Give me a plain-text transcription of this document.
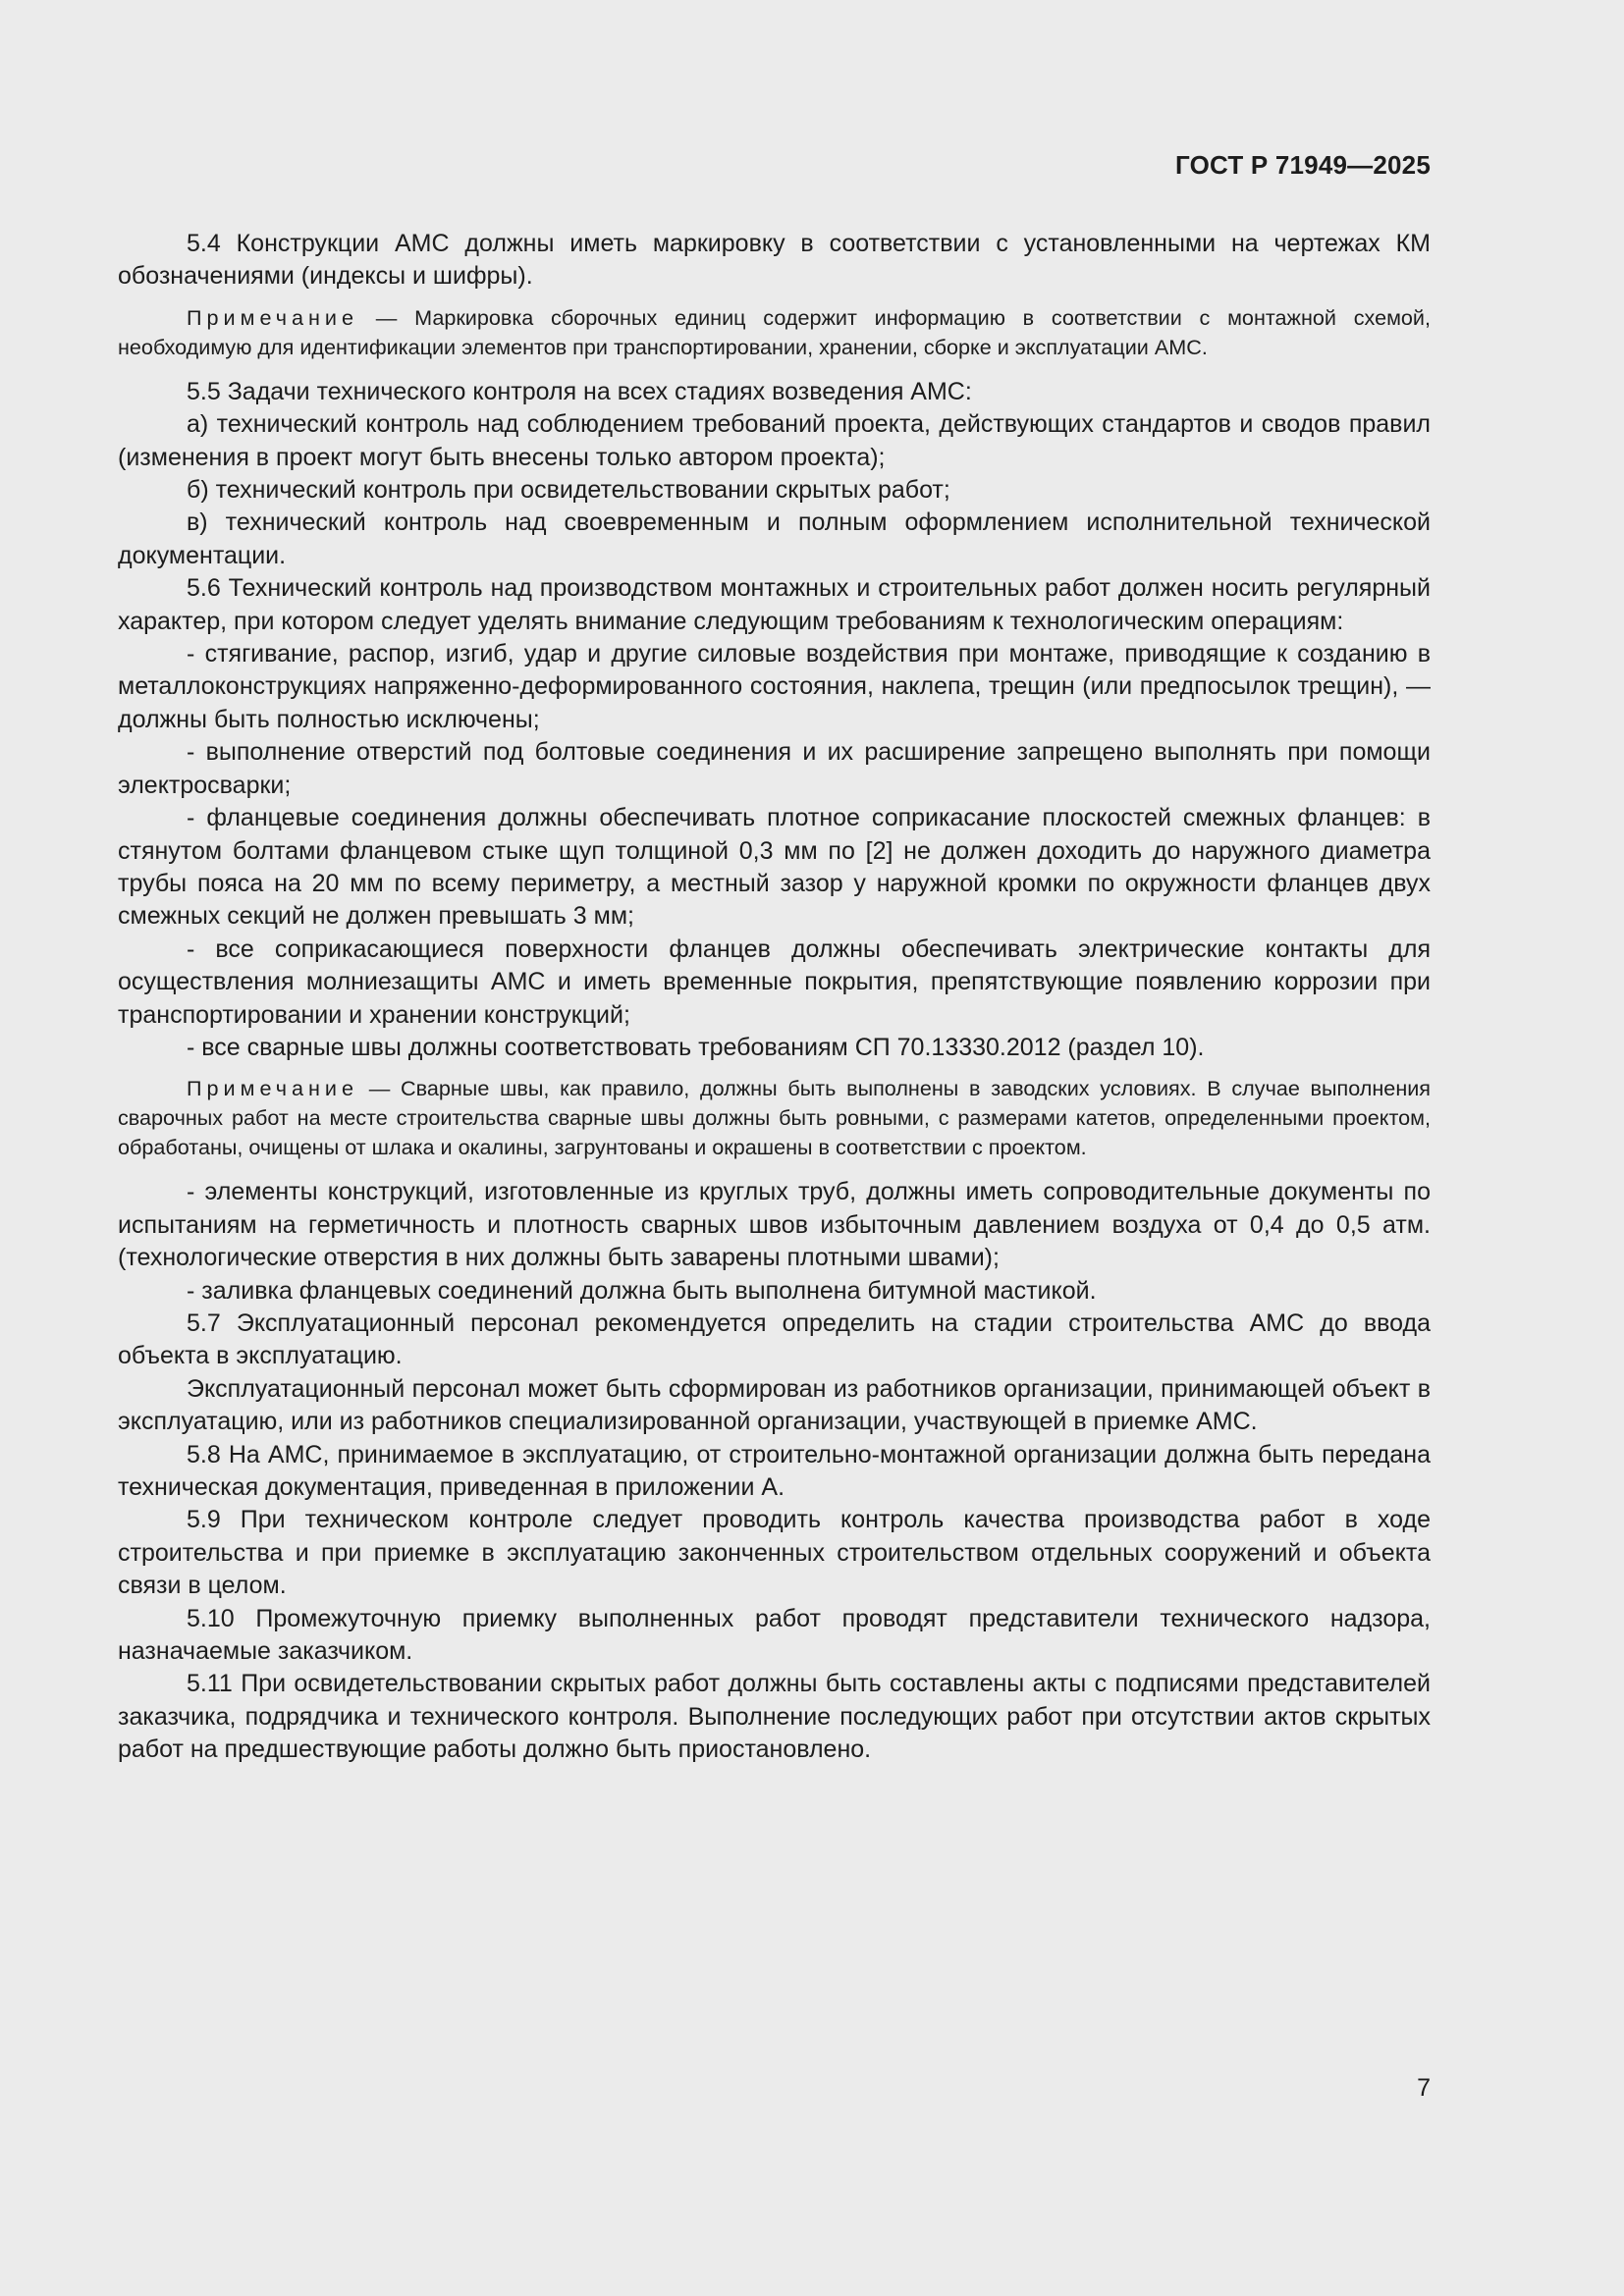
ГОСТ Р 71949—2025

5.4 Конструкции АМС должны иметь маркировку в соответствии с установленными на чертежах КМ обозначениями (индексы и шифры).

Примечание — Маркировка сборочных единиц содержит информацию в соответствии с монтажной схемой, необходимую для идентификации элементов при транспортировании, хранении, сборке и эксплуатации АМС.

5.5 Задачи технического контроля на всех стадиях возведения АМС:

а) технический контроль над соблюдением требований проекта, действующих стандартов и сводов правил (изменения в проект могут быть внесены только автором проекта);

б) технический контроль при освидетельствовании скрытых работ;

в) технический контроль над своевременным и полным оформлением исполнительной технической документации.

5.6 Технический контроль над производством монтажных и строительных работ должен носить регулярный характер, при котором следует уделять внимание следующим требованиям к технологическим операциям:

- стягивание, распор, изгиб, удар и другие силовые воздействия при монтаже, приводящие к созданию в металлоконструкциях напряженно-деформированного состояния, наклепа, трещин (или предпосылок трещин), — должны быть полностью исключены;

- выполнение отверстий под болтовые соединения и их расширение запрещено выполнять при помощи электросварки;

- фланцевые соединения должны обеспечивать плотное соприкасание плоскостей смежных фланцев: в стянутом болтами фланцевом стыке щуп толщиной 0,3 мм по [2] не должен доходить до наружного диаметра трубы пояса на 20 мм по всему периметру, а местный зазор у наружной кромки по окружности фланцев двух смежных секций не должен превышать 3 мм;

- все соприкасающиеся поверхности фланцев должны обеспечивать электрические контакты для осуществления молниезащиты АМС и иметь временные покрытия, препятствующие появлению коррозии при транспортировании и хранении конструкций;

- все сварные швы должны соответствовать требованиям СП 70.13330.2012 (раздел 10).

Примечание — Сварные швы, как правило, должны быть выполнены в заводских условиях. В случае выполнения сварочных работ на месте строительства сварные швы должны быть ровными, с размерами катетов, определенными проектом, обработаны, очищены от шлака и окалины, загрунтованы и окрашены в соответствии с проектом.

- элементы конструкций, изготовленные из круглых труб, должны иметь сопроводительные документы по испытаниям на герметичность и плотность сварных швов избыточным давлением воздуха от 0,4 до 0,5 атм. (технологические отверстия в них должны быть заварены плотными швами);

- заливка фланцевых соединений должна быть выполнена битумной мастикой.

5.7 Эксплуатационный персонал рекомендуется определить на стадии строительства АМС до ввода объекта в эксплуатацию.

Эксплуатационный персонал может быть сформирован из работников организации, принимающей объект в эксплуатацию, или из работников специализированной организации, участвующей в приемке АМС.

5.8 На АМС, принимаемое в эксплуатацию, от строительно-монтажной организации должна быть передана техническая документация, приведенная в приложении А.

5.9 При техническом контроле следует проводить контроль качества производства работ в ходе строительства и при приемке в эксплуатацию законченных строительством отдельных сооружений и объекта связи в целом.

5.10 Промежуточную приемку выполненных работ проводят представители технического надзора, назначаемые заказчиком.

5.11 При освидетельствовании скрытых работ должны быть составлены акты с подписями представителей заказчика, подрядчика и технического контроля. Выполнение последующих работ при отсутствии актов скрытых работ на предшествующие работы должно быть приостановлено.

7
